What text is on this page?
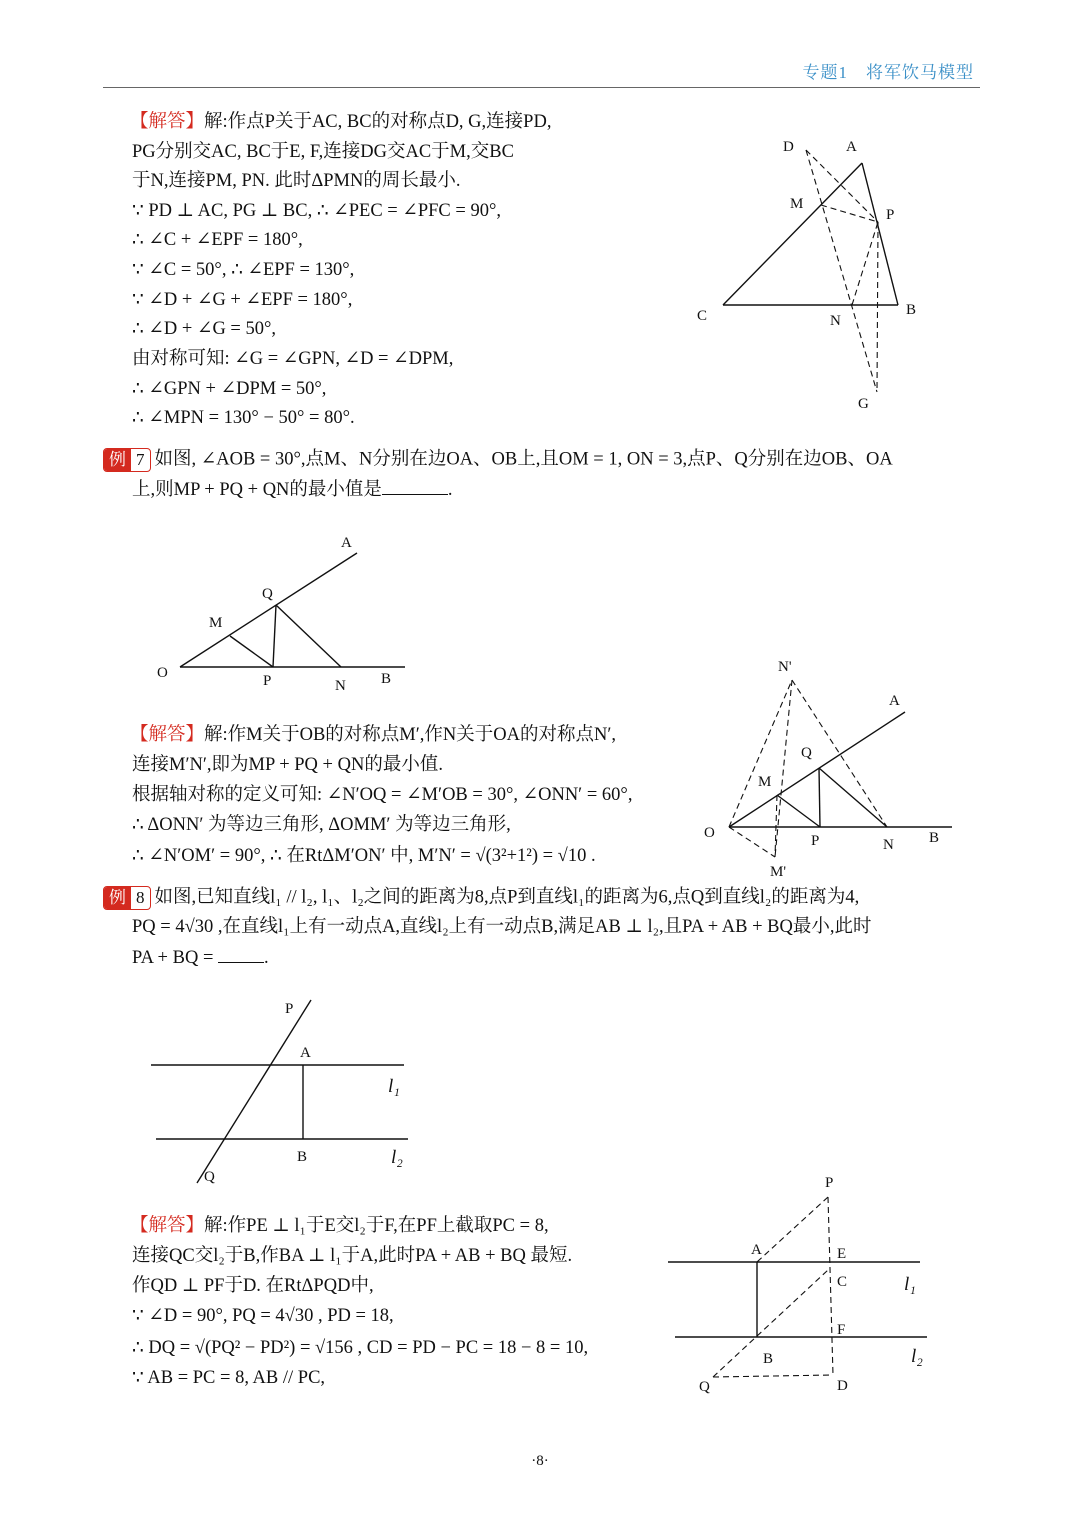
专题1　将军饮马模型
【解答】解:作点P关于AC, BC的对称点D, G,连接PD,
PG分别交AC, BC于E, F,连接DG交AC于M,交BC
于N,连接PM, PN. 此时ΔPMN的周长最小.
∵ PD ⊥ AC, PG ⊥ BC, ∴ ∠PEC = ∠PFC = 90°,
∴ ∠C + ∠EPF = 180°,
∵ ∠C = 50°, ∴ ∠EPF = 130°,
∵ ∠D + ∠G + ∠EPF = 180°,
∴ ∠D + ∠G = 50°,
由对称可知: ∠G = ∠GPN, ∠D = ∠DPM,
∴ ∠GPN + ∠DPM = 50°,
∴ ∠MPN = 130° − 50° = 80°.
例 7 如图, ∠AOB = 30°,点M、N分别在边OA、OB上,且OM = 1, ON = 3,点P、Q分别在边OB、OA
上,则MP + PQ + QN的最小值是	.
【解答】解:作M关于OB的对称点M′,作N关于OA的对称点N′,
连接M′N′,即为MP + PQ + QN的最小值.
根据轴对称的定义可知: ∠N′OQ = ∠M′OB = 30°, ∠ONN′ = 60°,
∴ ΔONN′ 为等边三角形, ΔOMM′ 为等边三角形,
∴ ∠N′OM′ = 90°, ∴ 在RtΔM′ON′ 中, M′N′ = √(3²+1²) = √10 .
例 8 如图,已知直线l₁ // l₂, l₁、l₂之间的距离为8,点P到直线l₁的距离为6,点Q到直线l₂的距离为4,
PQ = 4√30 ,在直线l₁上有一动点A,直线l₂上有一动点B,满足AB ⊥ l₂,且PA + AB + BQ最小,此时
PA + BQ =	.
【解答】解:作PE ⊥ l₁于E交l₂于F,在PF上截取PC = 8,
连接QC交l₂于B,作BA ⊥ l₁于A,此时PA + AB + BQ 最短.
作QD ⊥ PF于D. 在RtΔPQD中,
∵ ∠D = 90°, PQ = 4√30 , PD = 18,
∴ DQ = √(PQ² − PD²) = √156 , CD = PD − PC = 18 − 8 = 10,
∵ AB = PC = 8, AB // PC,
D	A
M
P
C	B
N
G
A
Q
M
O	P	N B
N'
A
Q
M
O	P	N B
M'
P
A
l₁
B	l₂
Q	P
A	E
C	l₁
F
B	l₂
Q	D
·8·
